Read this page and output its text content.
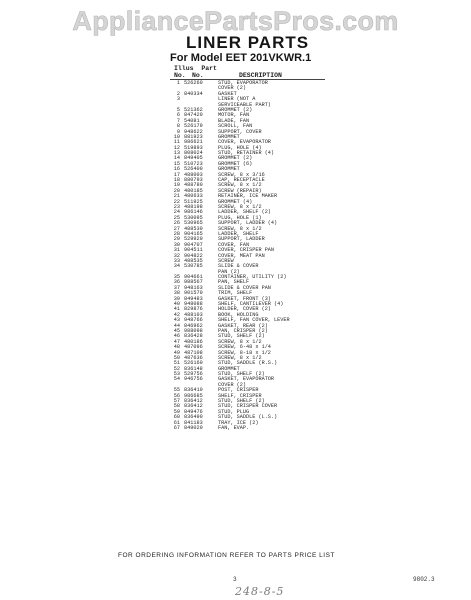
AppliancePartsPros.com
LINER PARTS
For Model EET 201VKWR.1
Illus Part
No. No.	DESCRIPTION
1 526260	STUD, EVAPORATOR
COVER (2)
2 840334	GASKET
3	LINER (NOT A
SERVICEABLE PART)
5 521362	GROMMET (2)
6 847420	MOTOR, FAN
7 54081	BLADE, FAN
8 526179	SCROLL, FAN
9 948622	SUPPORT, COVER
10 881923	GROMMET
11 986621	COVER, EVAPORATOR
12 519893	PLUG, HOLE (4)
13 808024	STUD, RETAINER (4)
14 849405	GROMMET (2)
15 510723	GROMMET (6)
16 526400	GROMMET
17 488003	SCREW, 8 x 3/16
18 880793	CAP, RECEPTACLE
19 488780	SCREW, 8 x 1/2
20 480185	SCREW (REPAIR)
21 480633	RETAINER, ICE MAKER
22 511925	GROMMET (4)
23 488198	SCREW, 8 x 1/2
24 986146	LADDER, SHELF (2)
25 530095	PLUG, HOLE (1)
26 530965	SUPPORT, LADDER (4)
27 488530	SCREW, 8 x 1/2
28 904165	LADDER, SHELF
29 529920	SUPPORT, LADDER
30 904707	COVER, FAN
31 904511	COVER, CRISPER PAN
32 904822	COVER, MEAT PAN
33 488535	SCREW
34 530785	SLIDE & COVER
PAN (2)
35 904661	CONTAINER, UTILITY (2)
36 988567	PAN, SHELF
37 948163	SLIDE & COVER PAN
38 901570	TRIM, SHELF
39 849483	GASKET, FRONT (3)
40 948088	SHELF, CANTILEVER (4)
41 829876	HOLDER, COVER (2)
42 488103	BOOK, HOLDING
43 948766	SHELF, FAN COVER, LEVER
44 846962	GASKET, REAR (2)
45 988098	PAN, CRISPER (2)
46 836428	STUD, SHELF (2)
47 480186	SCREW, 8 x 1/2
48 487096	SCREW, 6-48 x 1/4
49 487108	SCREW, 8-18 x 1/2
50 487636	SCREW, 8 x 1/2
51 526160	STUD, SADDLE (R.S.)
52 836148	GROMMET
53 529756	STUD, SHELF (2)
54 946756	GASKET, EVAPORATOR
COVER (2)
55 836410	POST, CRISPER
56 986685	SHELF, CRISPER
57 836412	STUD, SHELF (2)
58 836412	STUD, CRISPER COVER
59 849476	STUD, PLUG
60 836490	STUD, SADDLE (L.S.)
61 841183	TRAY, ICE (2)
67 849020	FAN, EVAP.
FOR ORDERING INFORMATION REFER TO PARTS PRICE LIST
3	9802.3
248-8-5
